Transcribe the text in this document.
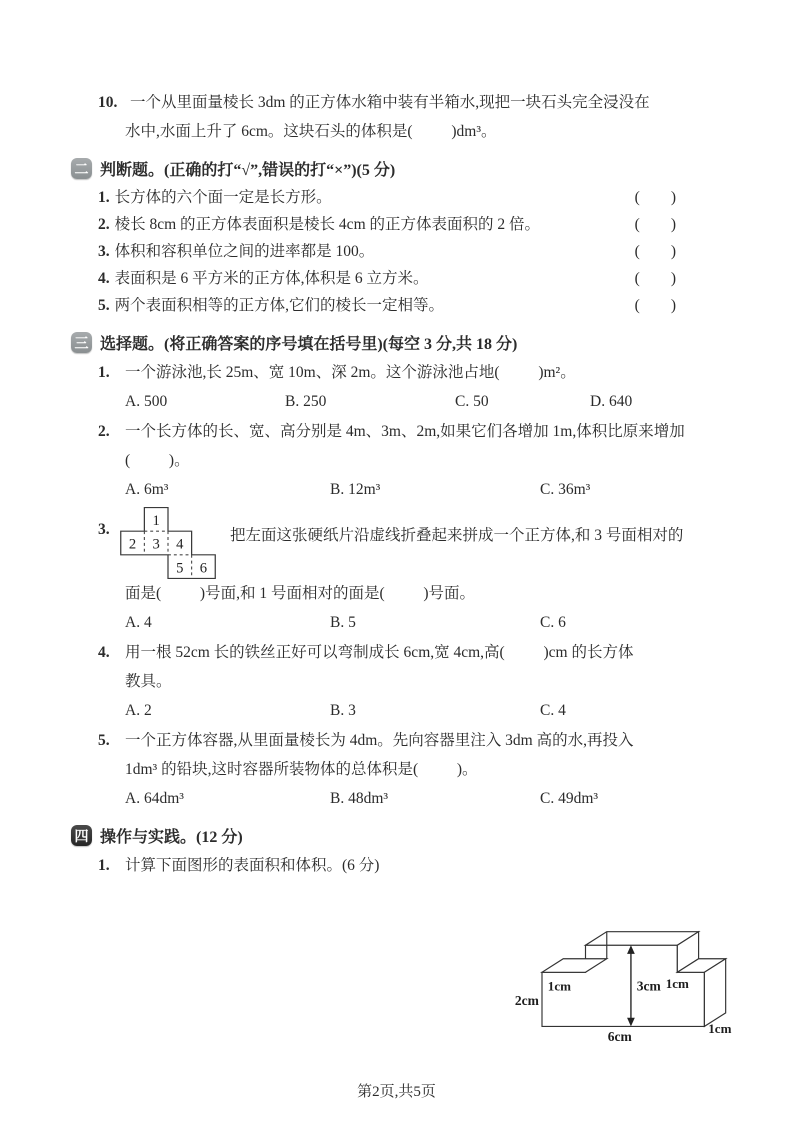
10. 一个从里面量棱长 3dm 的正方体水箱中装有半箱水,现把一块石头完全浸没在
水中,水面上升了 6cm。这块石头的体积是(          )dm³。
二 判断题。(正确的打“√”,错误的打“×”)(5 分)
1. 长方体的六个面一定是长方形。	(        )
2. 棱长 8cm 的正方体表面积是棱长 4cm 的正方体表面积的 2 倍。	(        )
3. 体积和容积单位之间的进率都是 100。	(        )
4. 表面积是 6 平方米的正方体,体积是 6 立方米。	(        )
5. 两个表面积相等的正方体,它们的棱长一定相等。	(        )
三 选择题。(将正确答案的序号填在括号里)(每空 3 分,共 18 分)
1. 一个游泳池,长 25m、宽 10m、深 2m。这个游泳池占地(          )m²。
A. 500	B. 250	C. 50	D. 640
2. 一个长方体的长、宽、高分别是 4m、3m、2m,如果它们各增加 1m,体积比原来增加
(          )。
A. 6m³	B. 12m³	C. 36m³
3.	1
2 3 4
5 6
把左面这张硬纸片沿虚线折叠起来拼成一个正方体,和 3 号面相对的
面是(          )号面,和 1 号面相对的面是(          )号面。
A. 4	B. 5	C. 6
4. 用一根 52cm 长的铁丝正好可以弯制成长 6cm,宽 4cm,高(          )cm 的长方体
教具。
A. 2	B. 3	C. 4
5. 一个正方体容器,从里面量棱长为 4dm。先向容器里注入 3dm 高的水,再投入
1dm³ 的铅块,这时容器所装物体的总体积是(          )。
A. 64dm³	B. 48dm³	C. 49dm³
四 操作与实践。(12 分)
1. 计算下面图形的表面积和体积。(6 分)
2cm
1cm	3cm 1cm
6cm
1cm
第2页,共5页
